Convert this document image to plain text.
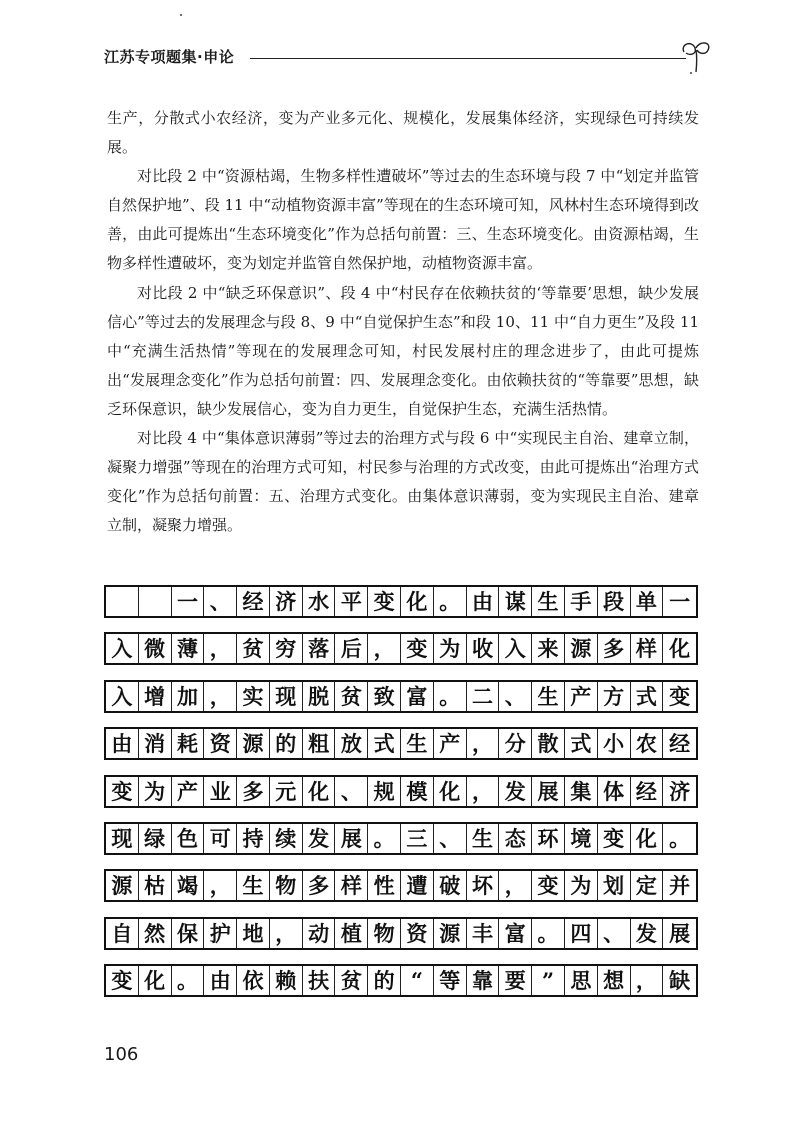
江苏专项题集·申论

生产，分散式小农经济，变为产业多元化、规模化，发展集体经济，实现绿色可持续发展。

对比段 2 中“资源枯竭，生物多样性遭破坏”等过去的生态环境与段 7 中“划定并监管自然保护地”、段 11 中“动植物资源丰富”等现在的生态环境可知，风林村生态环境得到改善，由此可提炼出“生态环境变化”作为总括句前置：三、生态环境变化。由资源枯竭，生物多样性遭破坏，变为划定并监管自然保护地，动植物资源丰富。

对比段 2 中“缺乏环保意识”、段 4 中“村民存在依赖扶贫的‘等靠要’思想，缺少发展信心”等过去的发展理念与段 8、9 中“自觉保护生态”和段 10、11 中“自力更生”及段 11 中“充满生活热情”等现在的发展理念可知，村民发展村庄的理念进步了，由此可提炼出“发展理念变化”作为总括句前置：四、发展理念变化。由依赖扶贫的“等靠要”思想，缺乏环保意识，缺少发展信心，变为自力更生，自觉保护生态，充满生活热情。

对比段 4 中“集体意识薄弱”等过去的治理方式与段 6 中“实现民主自治、建章立制，凝聚力增强”等现在的治理方式可知，村民参与治理的方式改变，由此可提炼出“治理方式变化”作为总括句前置：五、治理方式变化。由集体意识薄弱，变为实现民主自治、建章立制，凝聚力增强。

一 、 经 济 水 平 变 化 。 由 谋 生 手 段 单 一
入 微 薄 ， 贫 穷 落 后 ， 变 为 收 入 来 源 多 样 化
入 增 加 ， 实 现 脱 贫 致 富 。 二 、 生 产 方 式 变
由 消 耗 资 源 的 粗 放 式 生 产 ， 分 散 式 小 农 经
变 为 产 业 多 元 化 、 规 模 化 ， 发 展 集 体 经 济
现 绿 色 可 持 续 发 展 。 三 、 生 态 环 境 变 化 。
源 枯 竭 ， 生 物 多 样 性 遭 破 坏 ， 变 为 划 定 并
自 然 保 护 地 ， 动 植 物 资 源 丰 富 。 四 、 发 展
变 化 。 由 依 赖 扶 贫 的 “ 等 靠 要 ” 思 想 ， 缺
106
